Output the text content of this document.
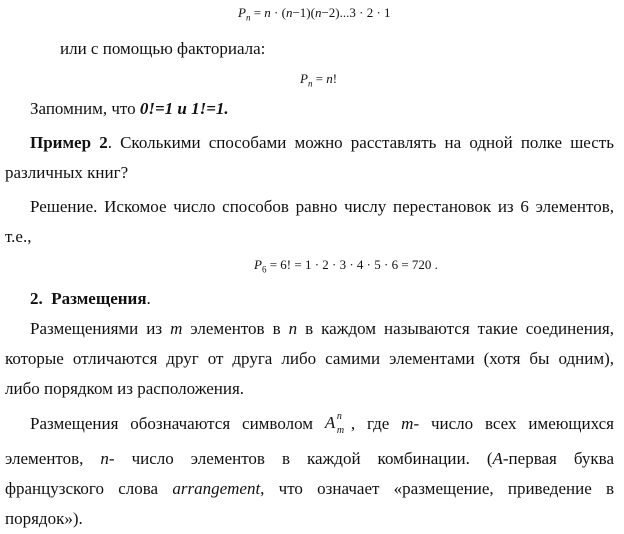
$P_n = n \cdot (n-1)(n-2)...3 \cdot 2 \cdot 1$
или с помощью факториала:
$P_n = n$!
Запомним, что 0!=1 и 1!=1.
Пример 2. Сколькими способами можно расставлять на одной полке шесть
различных книг?
Решение. Искомое число способов равно числу перестановок из 6 элементов,
т.е.,
$P_6 = 6$! = 1 · 2 · 3 · 4 · 5 · 6 = 720 .
2. Размещения.
Размещениями из m элементов в n в каждом называются такие соединения,
которые отличаются друг от друга либо самими элементами (хотя бы одним),
либо порядком из расположения.
Размещения обозначаются символом A n
m , где m- число всех имеющихся
элементов, n- число элементов в каждой комбинации. (A-первая буква
французского слова arrangement, что означает «размещение, приведение в
порядок»).
